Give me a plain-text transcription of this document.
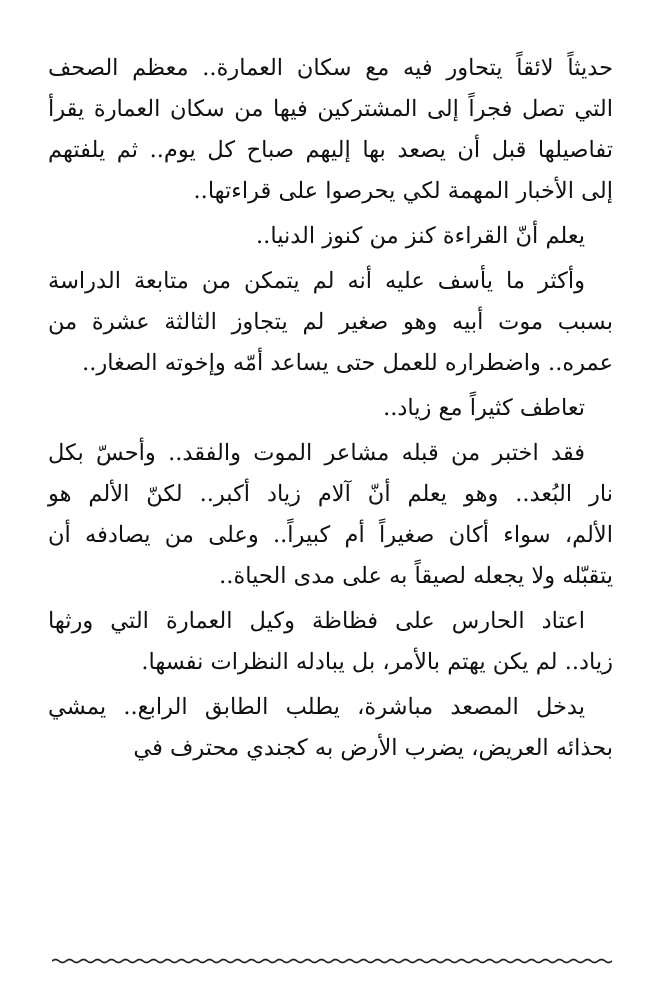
حديثاً لائقاً يتحاور فيه مع سكان العمارة.. معظم الصحف
التي تصل فجراً إلى المشتركين فيها من سكان العمارة يقرأ
تفاصيلها قبل أن يصعد بها إليهم صباح كل يوم.. ثم يلفتهم
إلى الأخبار المهمة لكي يحرصوا على قراءتها..
يعلم أنّ القراءة كنز من كنوز الدنيا..
وأكثر ما يأسف عليه أنه لم يتمكن من متابعة الدراسة
بسبب موت أبيه وهو صغير لم يتجاوز الثالثة عشرة من
عمره.. واضطراره للعمل حتى يساعد أمّه وإخوته الصغار..
تعاطف كثيراً مع زياد..
فقد اختبر من قبله مشاعر الموت والفقد.. وأحسّ بكل
نار البُعد.. وهو يعلم أنّ آلام زياد أكبر.. لكنّ الألم هو
الألم، سواء أكان صغيراً أم كبيراً.. وعلى من يصادفه أن
يتقبّله ولا يجعله لصيقاً به على مدى الحياة..
اعتاد الحارس على فظاظة وكيل العمارة التي ورثها
زياد.. لم يكن يهتم بالأمر، بل يبادله النظرات نفسها.
يدخل المصعد مباشرة، يطلب الطابق الرابع.. يمشي
بحذائه العريض، يضرب الأرض به كجندي محترف في
